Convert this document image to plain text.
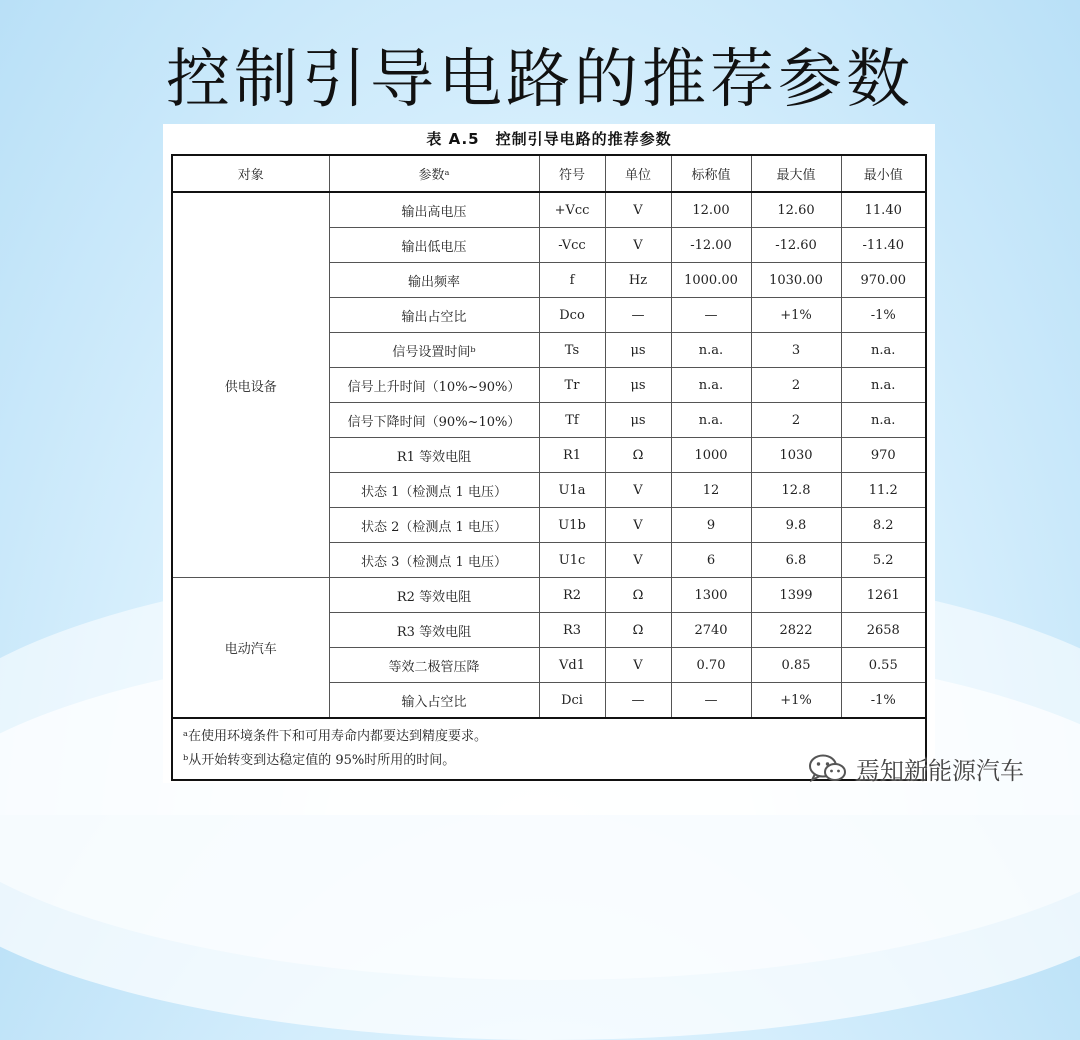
控制引导电路的推荐参数
表 A.5　控制引导电路的推荐参数
对象	参数ᵃ	符号	单位	标称值	最大值	最小值
供电设备	输出高电压	+Vcc	V	12.00	12.60	11.40
	输出低电压	-Vcc	V	-12.00	-12.60	-11.40
	输出频率	f	Hz	1000.00	1030.00	970.00
	输出占空比	Dco	—	—	+1%	-1%
	信号设置时间ᵇ	Ts	μs	n.a.	3	n.a.
	信号上升时间（10%~90%）	Tr	μs	n.a.	2	n.a.
	信号下降时间（90%~10%）	Tf	μs	n.a.	2	n.a.
	R1 等效电阻	R1	Ω	1000	1030	970
	状态 1（检测点 1 电压）	U1a	V	12	12.8	11.2
	状态 2（检测点 1 电压）	U1b	V	9	9.8	8.2
	状态 3（检测点 1 电压）	U1c	V	6	6.8	5.2
电动汽车	R2 等效电阻	R2	Ω	1300	1399	1261
	R3 等效电阻	R3	Ω	2740	2822	2658
	等效二极管压降	Vd1	V	0.70	0.85	0.55
	输入占空比	Dci	—	—	+1%	-1%

ᵃ在使用环境条件下和可用寿命内都要达到精度要求。
ᵇ从开始转变到达稳定值的 95%时所用的时间。							焉知新能源汽车
